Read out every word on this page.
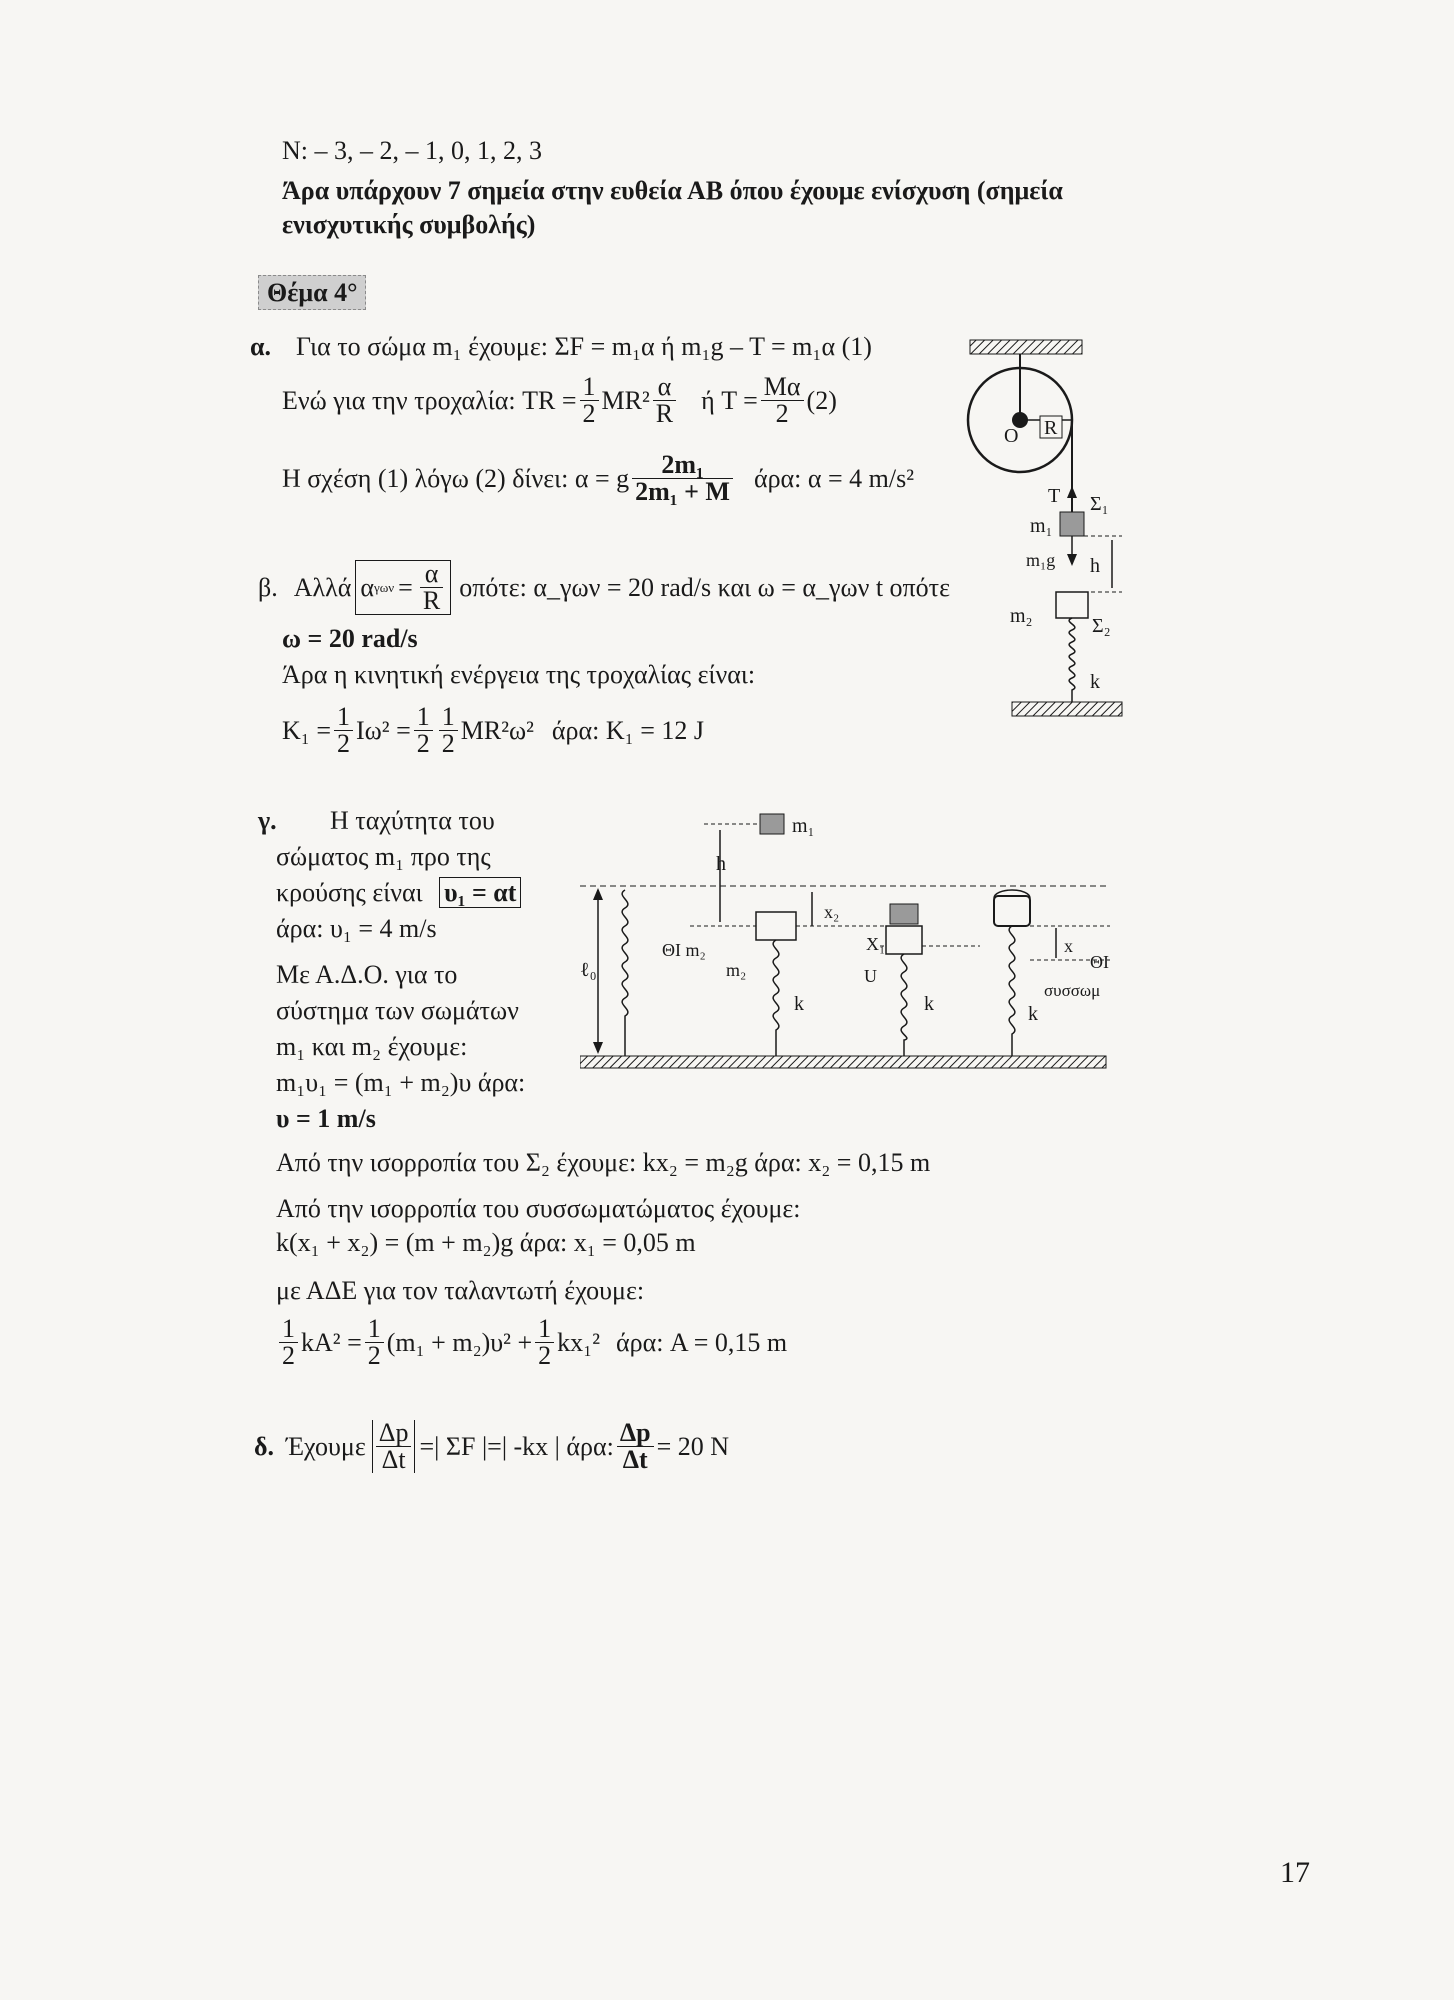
N: – 3, – 2, – 1, 0, 1, 2, 3
Άρα υπάρχουν 7 σημεία στην ευθεία ΑΒ όπου έχουμε ενίσχυση (σημεία
ενισχυτικής συμβολής)
Θέμα 4°
α. Για το σώμα m₁ έχουμε: ΣF = m₁α ή m₁g – T = m₁α (1)
Ενώ για την τροχαλία: TR = $\frac{1}{2} MR^2 \frac{\alpha}{R}$ ή $T = \frac{M\alpha}{2} (2)$
Η σχέση (1) λόγω (2) δίνει: α = g $\frac{\text{2m₁}}{\text{2m₁ + M}} ά\rho\alpha$: α = 4 m/s²
β. Αλλά α $\gamma\omega\nu = \frac{\alpha}{R} o\pi ό\tau\varepsilon$: α_γων = 20 rad/s και ω = α_γων t οπότε
ω = 20 rad/s
Άρα η κινητική ενέργεια της τροχαλίας είναι:
$K_1 = \frac{1}{2} I\omega^2 = \frac{1}{2} \frac{1}{2} MR^2\omega^2$ άρα: K₁ = 12 J
γ. Η ταχύτητα του
σώματος m₁ προ της
κρούσης είναι υ₁ = αt
άρα: υ₁ = 4 m/s
Με Α.Δ.Ο. για το
σύστημα των σωμάτων
m₁ και m₂ έχουμε:
m₁υ₁ = (m₁ + m₂)υ άρα:
υ = 1 m/s
Από την ισορροπία του Σ₂ έχουμε: kx₂ = m₂g άρα: x₂ = 0,15 m
Από την ισορροπία του συσσωματώματος έχουμε:
k(x₁ + x₂) = (m + m₂)g άρα: x₁ = 0,05 m
με ΑΔΕ για τον ταλαντωτή έχουμε:
$\frac{1}{2} kA^2 = \frac{1}{2} (m_1 + m_2)\upsilon^2 + \frac{1}{2} kx_1^2$ άρα: A = 0,15 m
δ. Έχουμε $\frac{\Delta p}{\Delta t}$ =| ΣF |=| -kx | άρα: $\frac{\Delta p}{\Delta t} = 20$ N
O R
T
m₁
Σ₁
m₁g h
m₂	Σ₂
k
ℓ₀
m₁
h
ΘΙ m₂
m₂
k
x₂
X₁
U
k
x
ΘΙ
συσσωμ
k
17
